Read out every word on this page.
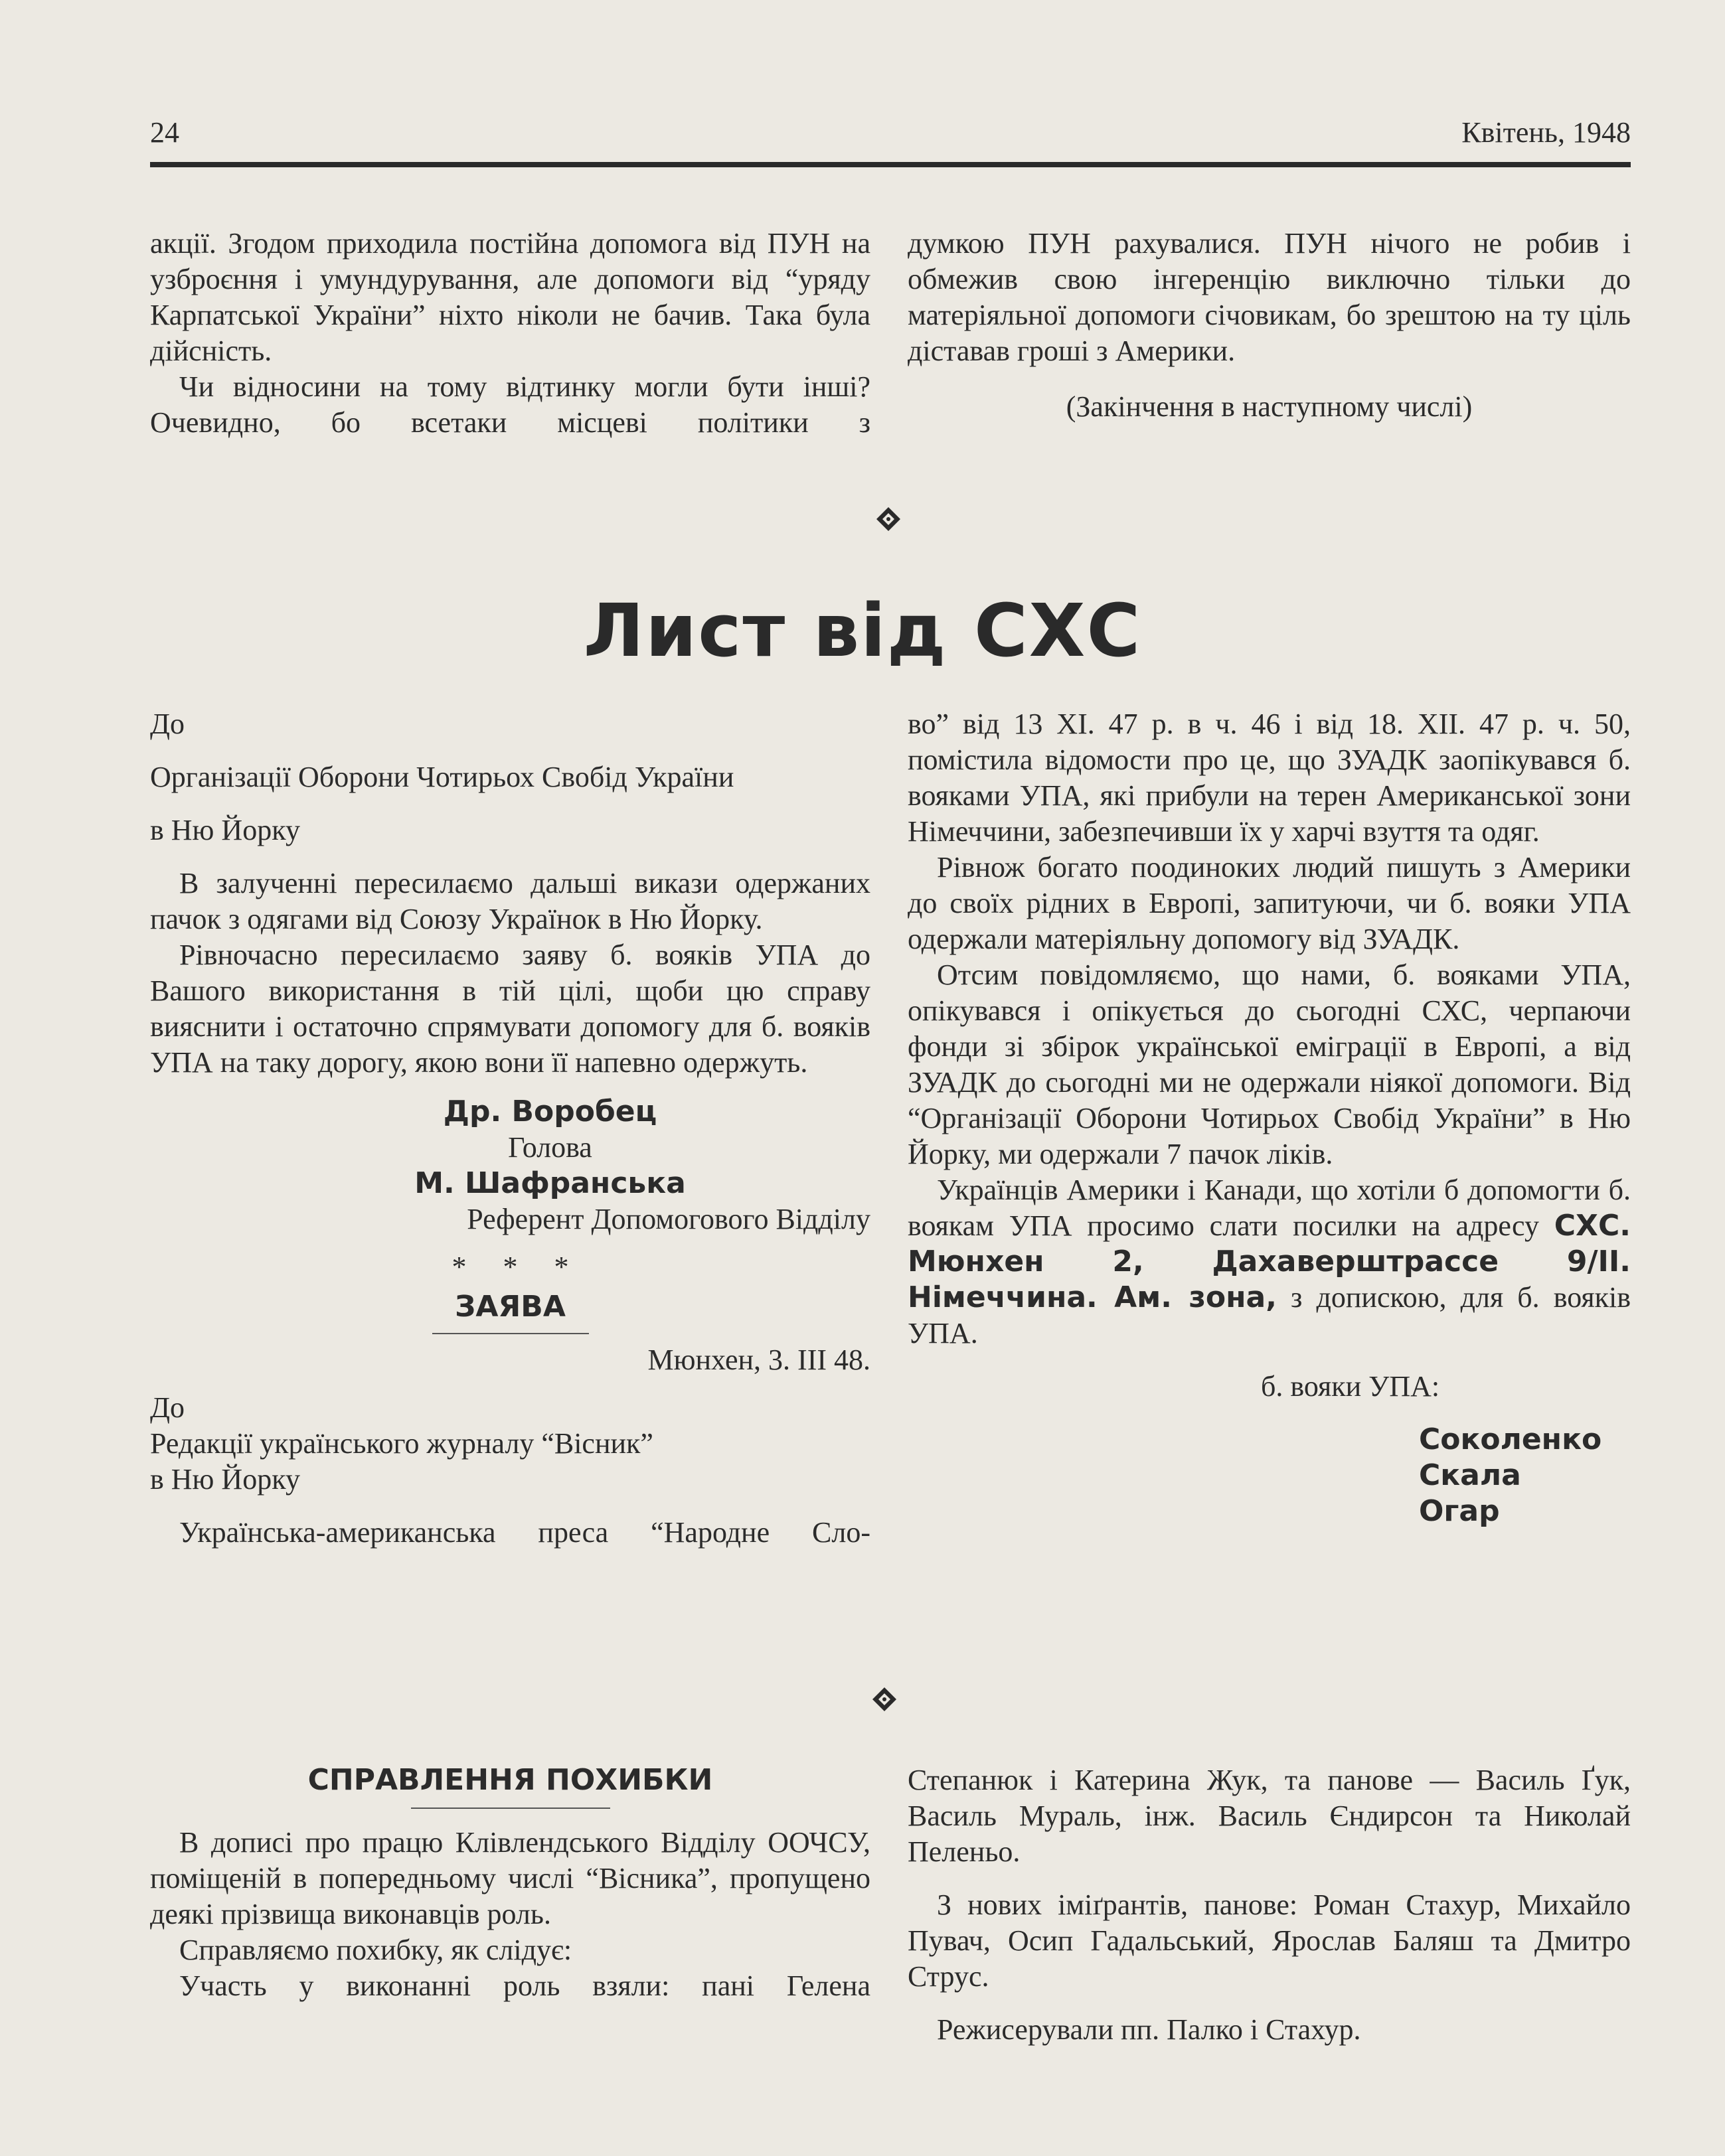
24	Квітень, 1948

акції. Згодом приходила постійна допомога від ПУН на узброєння і умундурування, але допомоги від “уряду Карпатської України” ніхто ніколи не бачив. Така була дійсність.

Чи відносини на тому відтинку могли бути інші? Очевидно, бо всетаки місцеві політики з

думкою ПУН рахувалися. ПУН нічого не робив і обмежив свою інгеренцію виключно тільки до матеріяльної допомоги січовикам, бо зрештою на ту ціль діставав гроші з Америки.

(Закінчення в наступному числі)

Лист від СХС

До

Організації Оборони Чотирьох Свобід України

в Ню Йорку

В залученні пересилаємо дальші викази одержаних пачок з одягами від Союзу Українок в Ню Йорку.

Рівночасно пересилаємо заяву б. вояків УПА до Вашого використання в тій цілі, щоби цю справу вияснити і остаточно спрямувати допомогу для б. вояків УПА на таку дорогу, якою вони її напевно одержуть.

Др. Воробец
Голова
М. Шафранська
Референт Допомогового Відділу
*     *     *
ЗАЯВА
Мюнхен, 3. III 48.
До
Редакції українського журналу “Вісник”
в Ню Йорку

Українська-американська преса “Народне Сло-

во” від 13 XI. 47 р. в ч. 46 і від 18. XII. 47 р. ч. 50, помістила відомости про це, що ЗУАДК заопікувався б. вояками УПА, які прибули на терен Американської зони Німеччини, забезпечивши їх у харчі взуття та одяг.

Рівнож богато поодиноких людий пишуть з Америки до своїх рідних в Европі, запитуючи, чи б. вояки УПА одержали матеріяльну допомогу від ЗУАДК.

Отсим повідомляємо, що нами, б. вояками УПА, опікувався і опікується до сьогодні СХС, черпаючи фонди зі збірок української еміграції в Европі, а від ЗУАДК до сьогодні ми не одержали ніякої допомоги. Від “Організації Оборони Чотирьох Свобід України” в Ню Йорку, ми одержали 7 пачок ліків.

Українців Америки і Канади, що хотіли б допомогти б. воякам УПА просимо слати посилки на адресу СХС. Мюнхен 2, Дахаверштрассе 9/II. Німеччина. Ам. зона, з допискою, для б. вояків УПА.

б. вояки УПА:
Соколенко
Скала
Огар
СПРАВЛЕННЯ ПОХИБКИ

В дописі про працю Клівлендського Відділу ООЧСУ, поміщеній в попередньому числі “Вісника”, пропущено деякі прізвища виконавців роль.

Справляємо похибку, як слідує:

Участь у виконанні роль взяли: пані Гелена

Степанюк і Катерина Жук, та панове — Василь Ґук, Василь Мураль, інж. Василь Єндирсон та Николай Пеленьо.

З нових іміґрантів, панове: Роман Стахур, Михайло Пувач, Осип Гадальський, Ярослав Баляш та Дмитро Струс.

Режисерували пп. Палко і Стахур.
